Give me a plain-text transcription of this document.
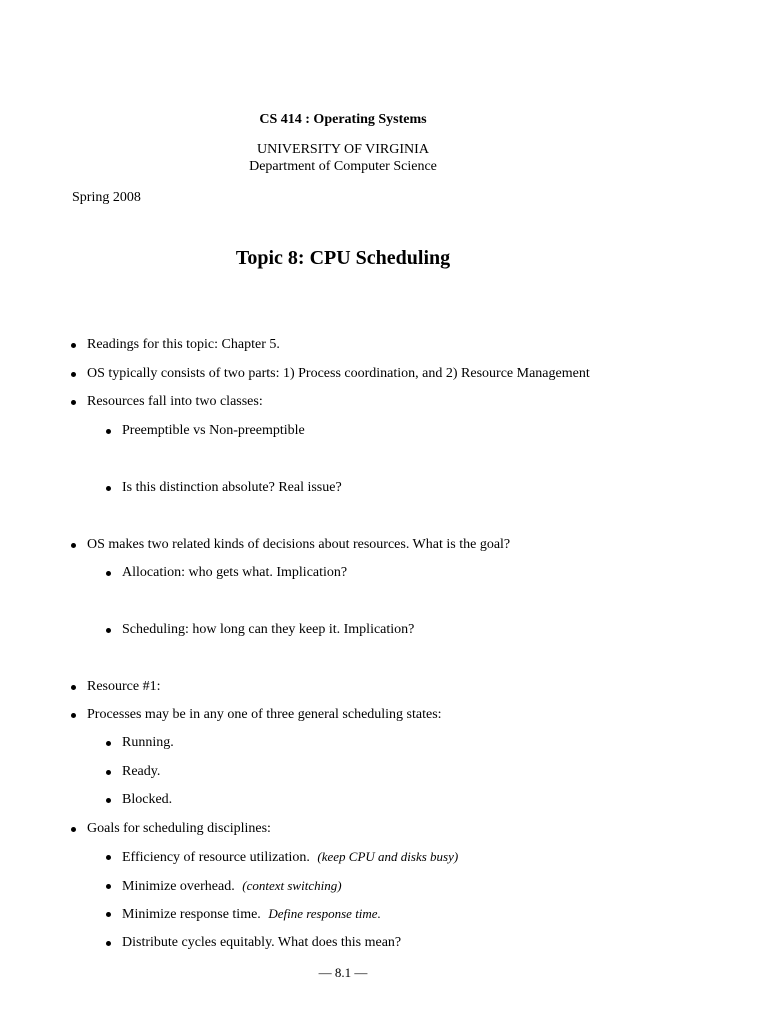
CS 414 : Operating Systems
UNIVERSITY OF VIRGINIA
Department of Computer Science
Spring 2008
Topic 8: CPU Scheduling
Readings for this topic: Chapter 5.
OS typically consists of two parts: 1) Process coordination, and 2) Resource Management
Resources fall into two classes:
Preemptible vs Non-preemptible
Is this distinction absolute? Real issue?
OS makes two related kinds of decisions about resources. What is the goal?
Allocation: who gets what. Implication?
Scheduling: how long can they keep it. Implication?
Resource #1:
Processes may be in any one of three general scheduling states:
Running.
Ready.
Blocked.
Goals for scheduling disciplines:
Efficiency of resource utilization. (keep CPU and disks busy)
Minimize overhead. (context switching)
Minimize response time. Define response time.
Distribute cycles equitably. What does this mean?
— 8.1 —
